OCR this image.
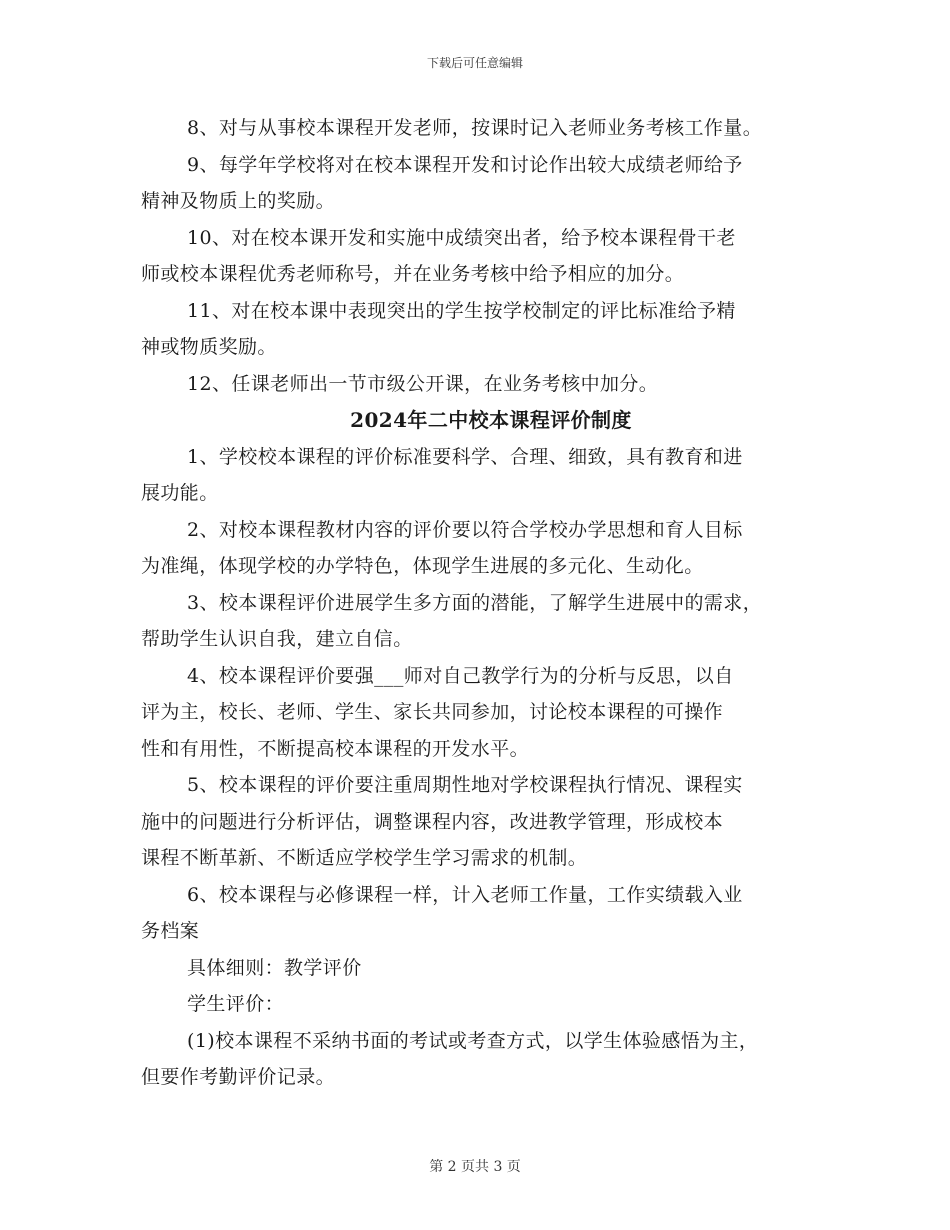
下载后可任意编辑
8、对与从事校本课程开发老师，按课时记入老师业务考核工作量。
9、每学年学校将对在校本课程开发和讨论作出较大成绩老师给予
精神及物质上的奖励。
10、对在校本课开发和实施中成绩突出者，给予校本课程骨干老
师或校本课程优秀老师称号，并在业务考核中给予相应的加分。
11、对在校本课中表现突出的学生按学校制定的评比标准给予精
神或物质奖励。
12、任课老师出一节市级公开课，在业务考核中加分。
2024年二中校本课程评价制度
1、学校校本课程的评价标准要科学、合理、细致，具有教育和进
展功能。
2、对校本课程教材内容的评价要以符合学校办学思想和育人目标
为准绳，体现学校的办学特色，体现学生进展的多元化、生动化。
3、校本课程评价进展学生多方面的潜能，了解学生进展中的需求，
帮助学生认识自我，建立自信。
4、校本课程评价要强___师对自己教学行为的分析与反思，以自
评为主，校长、老师、学生、家长共同参加，讨论校本课程的可操作
性和有用性，不断提高校本课程的开发水平。
5、校本课程的评价要注重周期性地对学校课程执行情况、课程实
施中的问题进行分析评估，调整课程内容，改进教学管理，形成校本
课程不断革新、不断适应学校学生学习需求的机制。
6、校本课程与必修课程一样，计入老师工作量，工作实绩载入业
务档案
具体细则：教学评价
学生评价：
(1)校本课程不采纳书面的考试或考查方式，以学生体验感悟为主，
但要作考勤评价记录。
第 2 页共 3 页
